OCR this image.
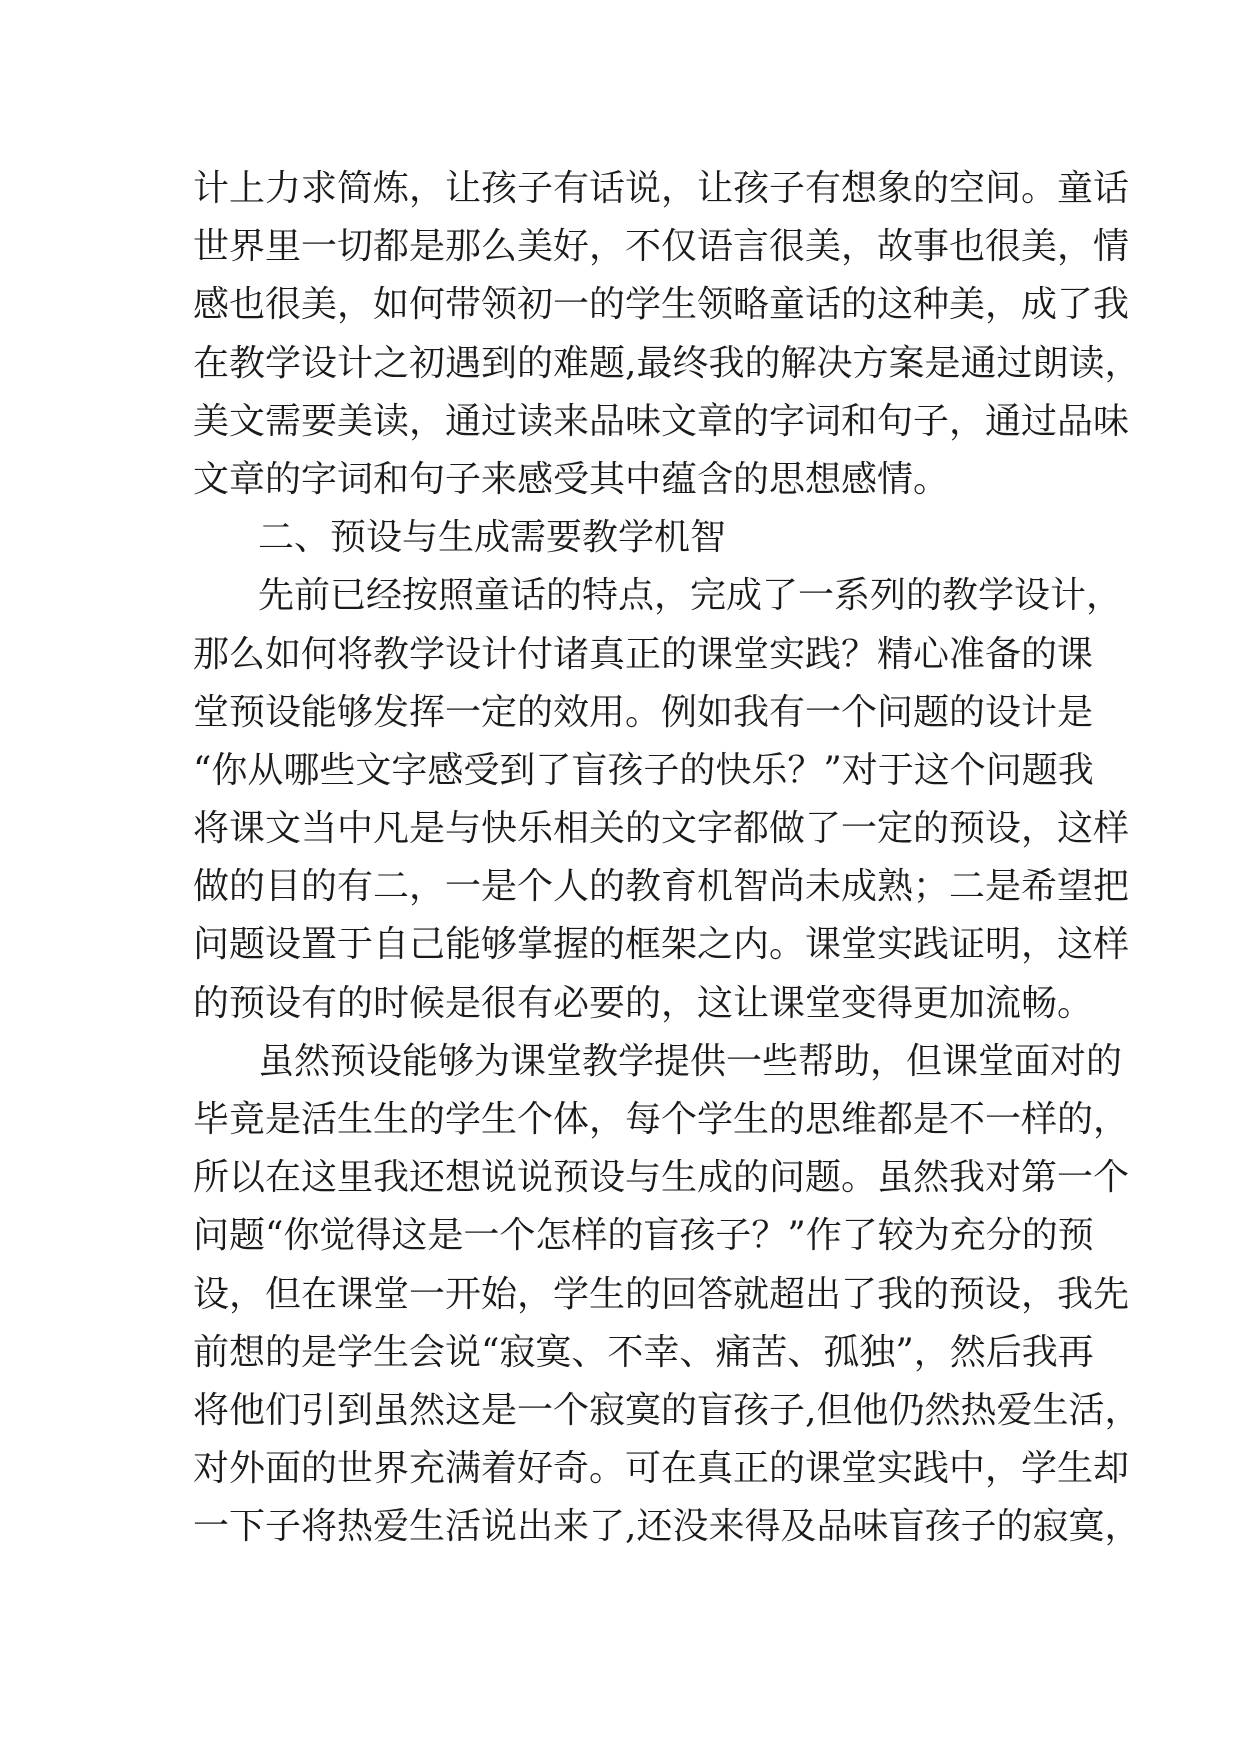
计上力求简炼，让孩子有话说，让孩子有想象的空间。童话
世界里一切都是那么美好，不仅语言很美，故事也很美，情
感也很美，如何带领初一的学生领略童话的这种美，成了我
在教学设计之初遇到的难题,最终我的解决方案是通过朗读，
美文需要美读，通过读来品味文章的字词和句子，通过品味
文章的字词和句子来感受其中蕴含的思想感情。
二、预设与生成需要教学机智
先前已经按照童话的特点，完成了一系列的教学设计，
那么如何将教学设计付诸真正的课堂实践？精心准备的课
堂预设能够发挥一定的效用。例如我有一个问题的设计是
“你从哪些文字感受到了盲孩子的快乐？”对于这个问题我
将课文当中凡是与快乐相关的文字都做了一定的预设，这样
做的目的有二，一是个人的教育机智尚未成熟；二是希望把
问题设置于自己能够掌握的框架之内。课堂实践证明，这样
的预设有的时候是很有必要的，这让课堂变得更加流畅。
虽然预设能够为课堂教学提供一些帮助，但课堂面对的
毕竟是活生生的学生个体，每个学生的思维都是不一样的，
所以在这里我还想说说预设与生成的问题。虽然我对第一个
问题“你觉得这是一个怎样的盲孩子？”作了较为充分的预
设，但在课堂一开始，学生的回答就超出了我的预设，我先
前想的是学生会说“寂寞、不幸、痛苦、孤独”，然后我再
将他们引到虽然这是一个寂寞的盲孩子,但他仍然热爱生活，
对外面的世界充满着好奇。可在真正的课堂实践中，学生却
一下子将热爱生活说出来了,还没来得及品味盲孩子的寂寞，
